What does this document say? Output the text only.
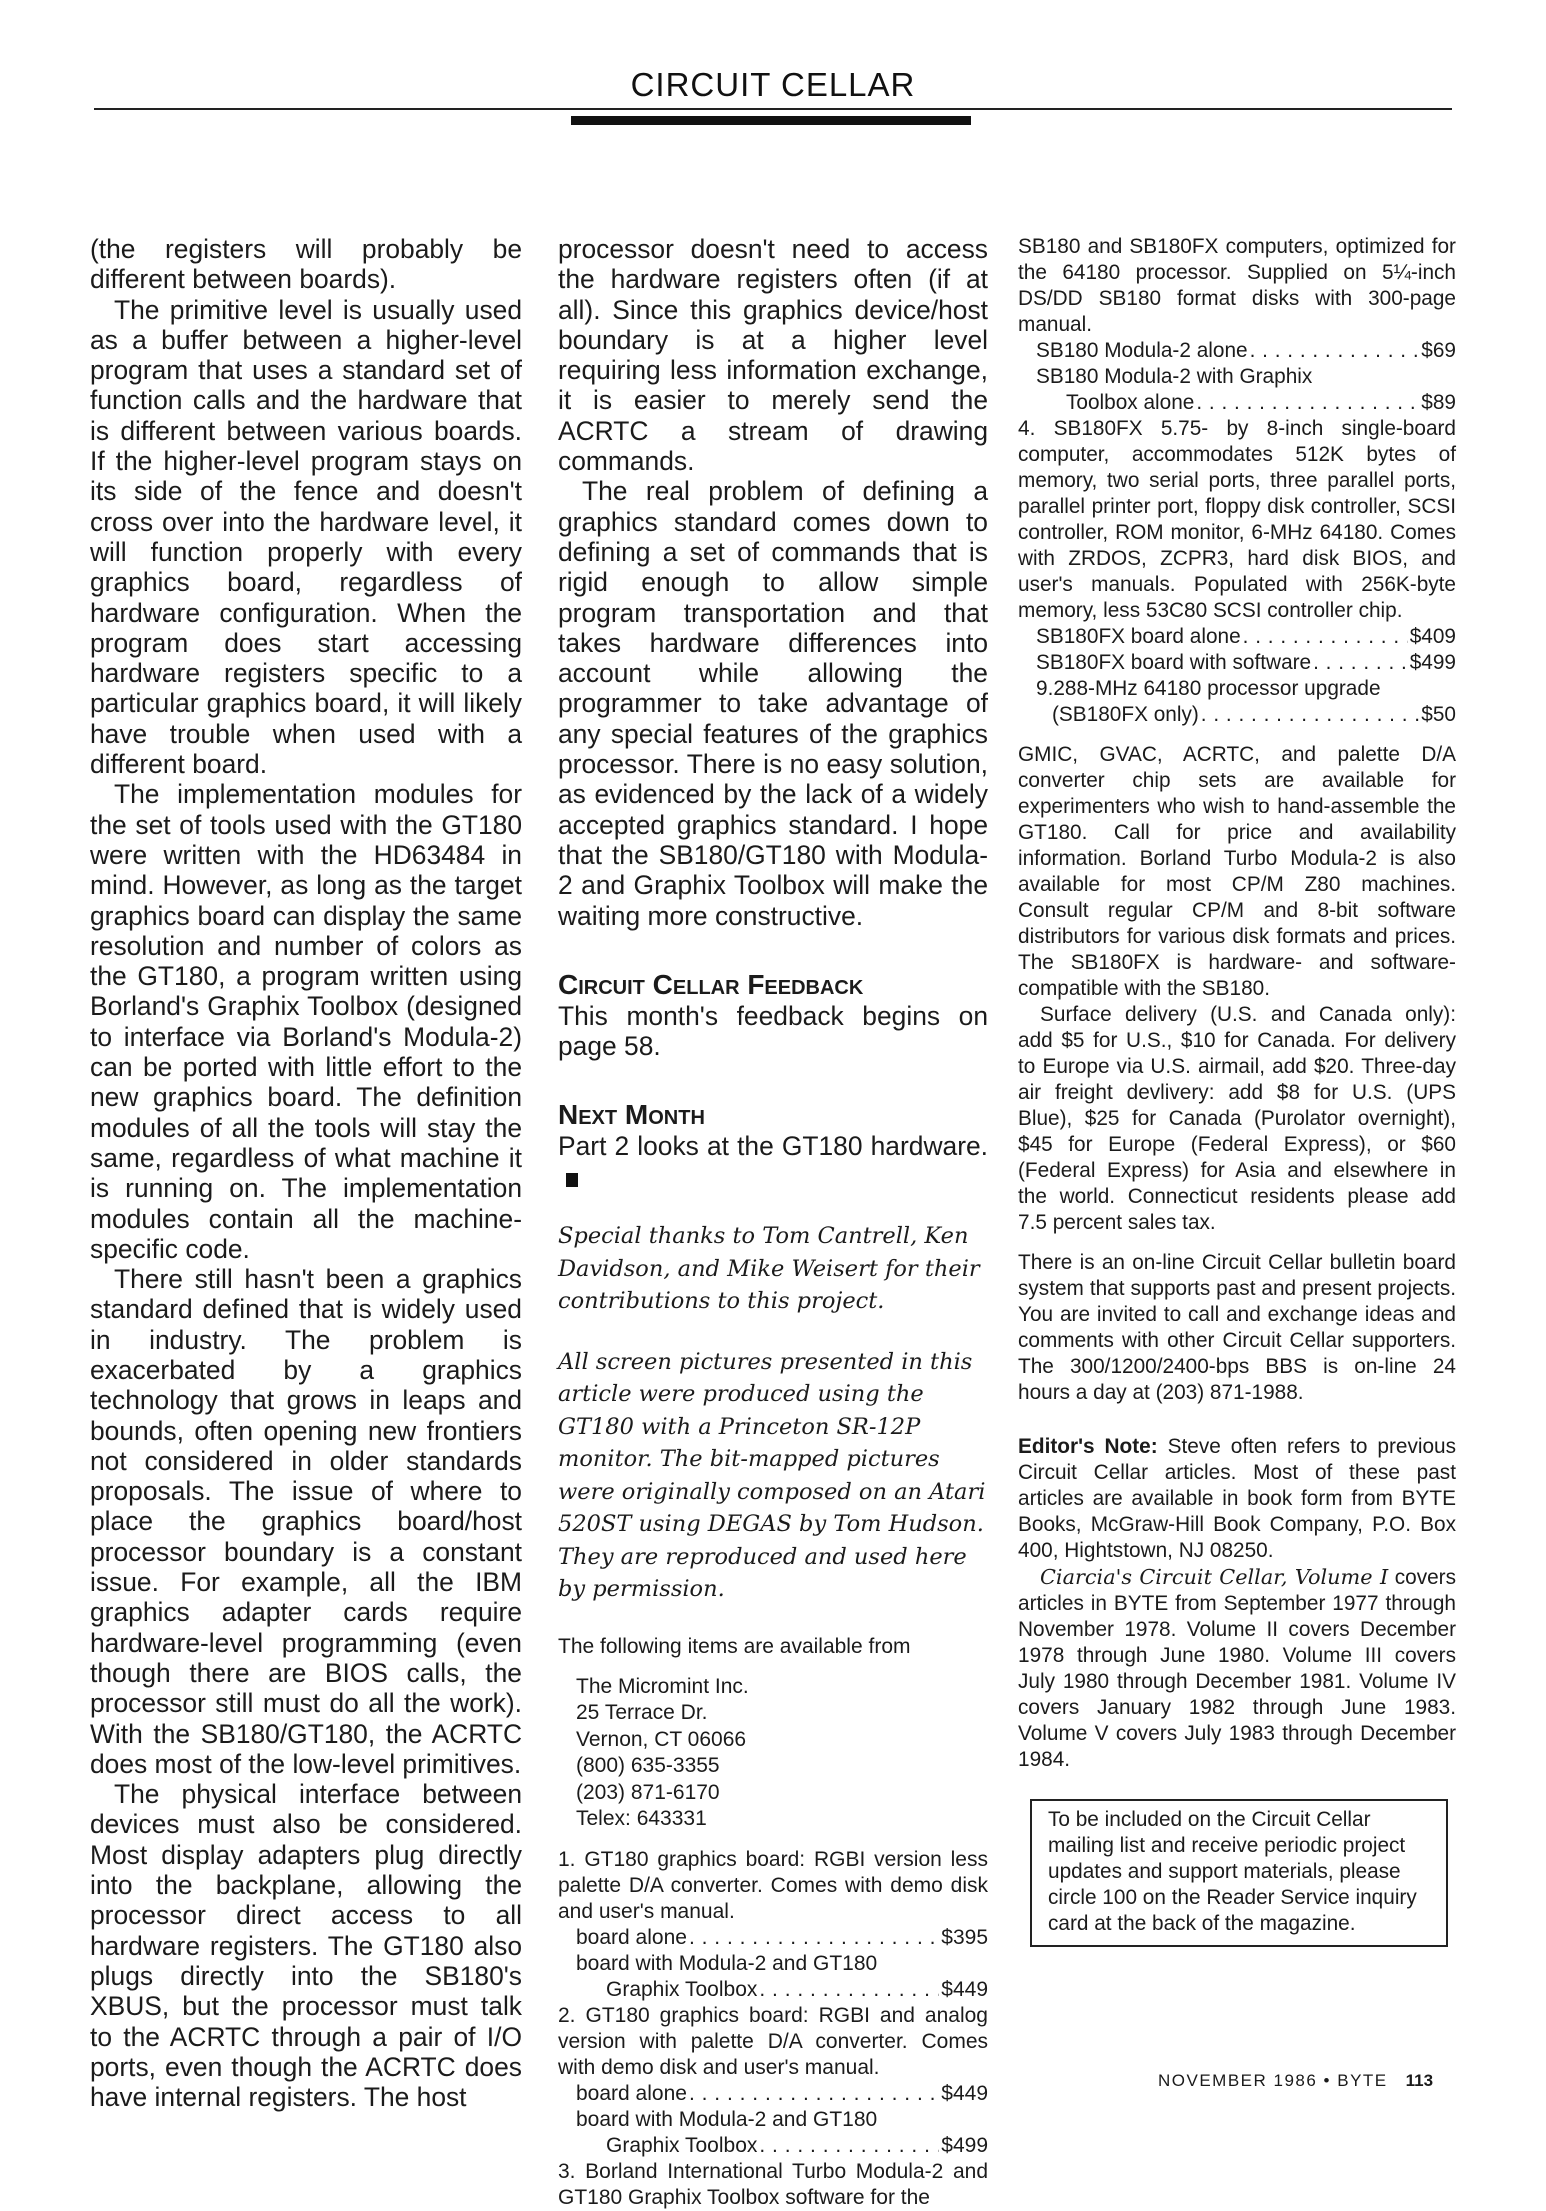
CIRCUIT CELLAR

(the registers will probably be different between boards).

The primitive level is usually used as a buffer between a higher-level program that uses a standard set of function calls and the hardware that is different between various boards. If the higher-level program stays on its side of the fence and doesn't cross over into the hardware level, it will function properly with every graphics board, regardless of hardware configuration. When the program does start accessing hardware registers specific to a particular graphics board, it will likely have trouble when used with a different board.

The implementation modules for the set of tools used with the GT180 were written with the HD63484 in mind. However, as long as the target graphics board can display the same resolution and number of colors as the GT180, a program written using Borland's Graphix Toolbox (designed to interface via Borland's Modula-2) can be ported with little effort to the new graphics board. The definition modules of all the tools will stay the same, regardless of what machine it is running on. The implementation modules contain all the machine-specific code.

There still hasn't been a graphics standard defined that is widely used in industry. The problem is exacerbated by a graphics technology that grows in leaps and bounds, often opening new frontiers not considered in older standards proposals. The issue of where to place the graphics board/host processor boundary is a constant issue. For example, all the IBM graphics adapter cards require hardware-level programming (even though there are BIOS calls, the processor still must do all the work). With the SB180/GT180, the ACRTC does most of the low-level primitives.

The physical interface between devices must also be considered. Most display adapters plug directly into the backplane, allowing the processor direct access to all hardware registers. The GT180 also plugs directly into the SB180's XBUS, but the processor must talk to the ACRTC through a pair of I/O ports, even though the ACRTC does have internal registers. The host

processor doesn't need to access the hardware registers often (if at all). Since this graphics device/host boundary is at a higher level requiring less information exchange, it is easier to merely send the ACRTC a stream of drawing commands.

The real problem of defining a graphics standard comes down to defining a set of commands that is rigid enough to allow simple program transportation and that takes hardware differences into account while allowing the programmer to take advantage of any special features of the graphics processor. There is no easy solution, as evidenced by the lack of a widely accepted graphics standard. I hope that the SB180/GT180 with Modula-2 and Graphix Toolbox will make the waiting more constructive.

Circuit Cellar Feedback

This month's feedback begins on page 58.

Next Month

Part 2 looks at the GT180 hardware.

Special thanks to Tom Cantrell, Ken Davidson, and Mike Weisert for their contributions to this project.

All screen pictures presented in this article were produced using the GT180 with a Princeton SR-12P monitor. The bit-mapped pictures were originally composed on an Atari 520ST using DEGAS by Tom Hudson. They are reproduced and used here by permission.

The following items are available from

The Micromint Inc.
25 Terrace Dr.
Vernon, CT 06066
(800) 635-3355
(203) 871-6170
Telex: 643331

1. GT180 graphics board: RGBI version less palette D/A converter. Comes with demo disk and user's manual.

board alone . . .	$395
board with Modula-2 and GT180
Graphix Toolbox . . .	$449

2. GT180 graphics board: RGBI and analog version with palette D/A converter. Comes with demo disk and user's manual.

board alone . . .	$449
board with Modula-2 and GT180
Graphix Toolbox . . .	$499

3. Borland International Turbo Modula-2 and GT180 Graphix Toolbox software for the

SB180 and SB180FX computers, optimized for the 64180 processor. Supplied on 5¼-inch DS/DD SB180 format disks with 300-page manual.

SB180 Modula-2 alone . . .	$69
SB180 Modula-2 with Graphix
Toolbox alone . . .	$89

4. SB180FX 5.75- by 8-inch single-board computer, accommodates 512K bytes of memory, two serial ports, three parallel ports, parallel printer port, floppy disk controller, SCSI controller, ROM monitor, 6-MHz 64180. Comes with ZRDOS, ZCPR3, hard disk BIOS, and user's manuals. Populated with 256K-byte memory, less 53C80 SCSI controller chip.

SB180FX board alone . . .	$409
SB180FX board with software . . .	$499
9.288-MHz 64180 processor upgrade
(SB180FX only) . . .	$50

GMIC, GVAC, ACRTC, and palette D/A converter chip sets are available for experimenters who wish to hand-assemble the GT180. Call for price and availability information. Borland Turbo Modula-2 is also available for most CP/M Z80 machines. Consult regular CP/M and 8-bit software distributors for various disk formats and prices. The SB180FX is hardware- and software-compatible with the SB180.

Surface delivery (U.S. and Canada only): add $5 for U.S., $10 for Canada. For delivery to Europe via U.S. airmail, add $20. Three-day air freight devlivery: add $8 for U.S. (UPS Blue), $25 for Canada (Purolator overnight), $45 for Europe (Federal Express), or $60 (Federal Express) for Asia and elsewhere in the world. Connecticut residents please add 7.5 percent sales tax.

There is an on-line Circuit Cellar bulletin board system that supports past and present projects. You are invited to call and exchange ideas and comments with other Circuit Cellar supporters. The 300/1200/2400-bps BBS is on-line 24 hours a day at (203) 871-1988.

Editor's Note: Steve often refers to previous Circuit Cellar articles. Most of these past articles are available in book form from BYTE Books, McGraw-Hill Book Company, P.O. Box 400, Hightstown, NJ 08250.

Ciarcia's Circuit Cellar, Volume I covers articles in BYTE from September 1977 through November 1978. Volume II covers December 1978 through June 1980. Volume III covers July 1980 through December 1981. Volume IV covers January 1982 through June 1983. Volume V covers July 1983 through December 1984.

To be included on the Circuit Cellar mailing list and receive periodic project updates and support materials, please circle 100 on the Reader Service inquiry card at the back of the magazine.
NOVEMBER 1986 • BYTE 113
